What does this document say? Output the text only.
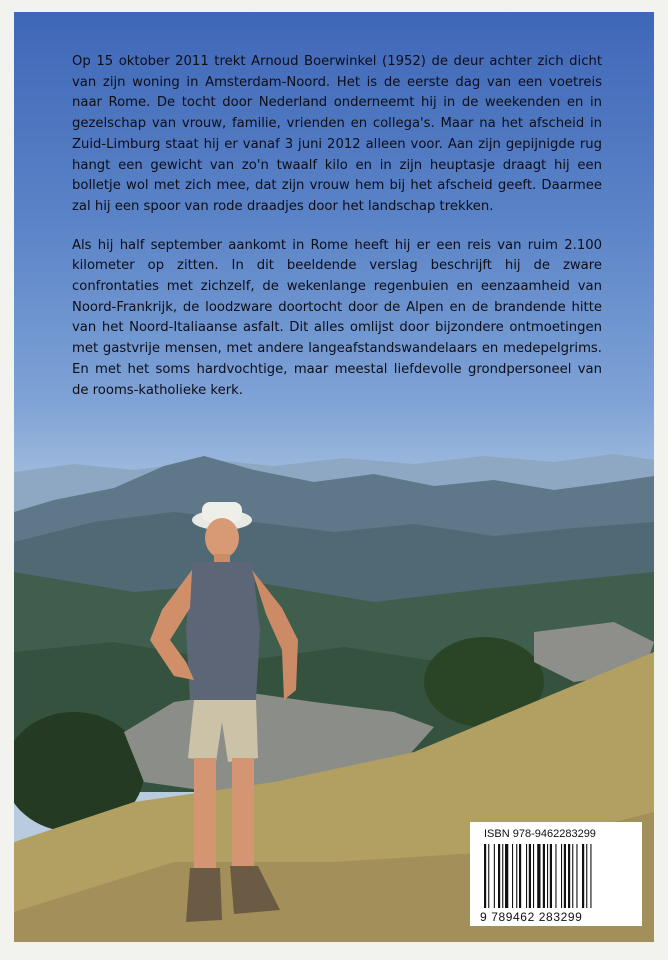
Op 15 oktober 2011 trekt Arnoud Boerwinkel (1952) de deur achter zich dicht van zijn woning in Amsterdam-Noord. Het is de eerste dag van een voetreis naar Rome. De tocht door Nederland onderneemt hij in de weekenden en in gezelschap van vrouw, familie, vrienden en collega's. Maar na het afscheid in Zuid-Limburg staat hij er vanaf 3 juni 2012 alleen voor. Aan zijn gepijnigde rug hangt een gewicht van zo'n twaalf kilo en in zijn heuptasje draagt hij een bolletje wol met zich mee, dat zijn vrouw hem bij het afscheid geeft. Daarmee zal hij een spoor van rode draadjes door het landschap trekken.

Als hij half september aankomt in Rome heeft hij er een reis van ruim 2.100 kilometer op zitten. In dit beeldende verslag beschrijft hij de zware confrontaties met zichzelf, de wekenlange regenbuien en eenzaamheid van Noord-Frankrijk, de loodzware doortocht door de Alpen en de brandende hitte van het Noord-Italiaanse asfalt. Dit alles omlijst door bijzondere ontmoetingen met gastvrije mensen, met andere langeafstandswandelaars en medepelgrims. En met het soms hardvochtige, maar meestal liefdevolle grondpersoneel van de rooms-katholieke kerk.

ISBN 978-9462283299
9 789462 283299
